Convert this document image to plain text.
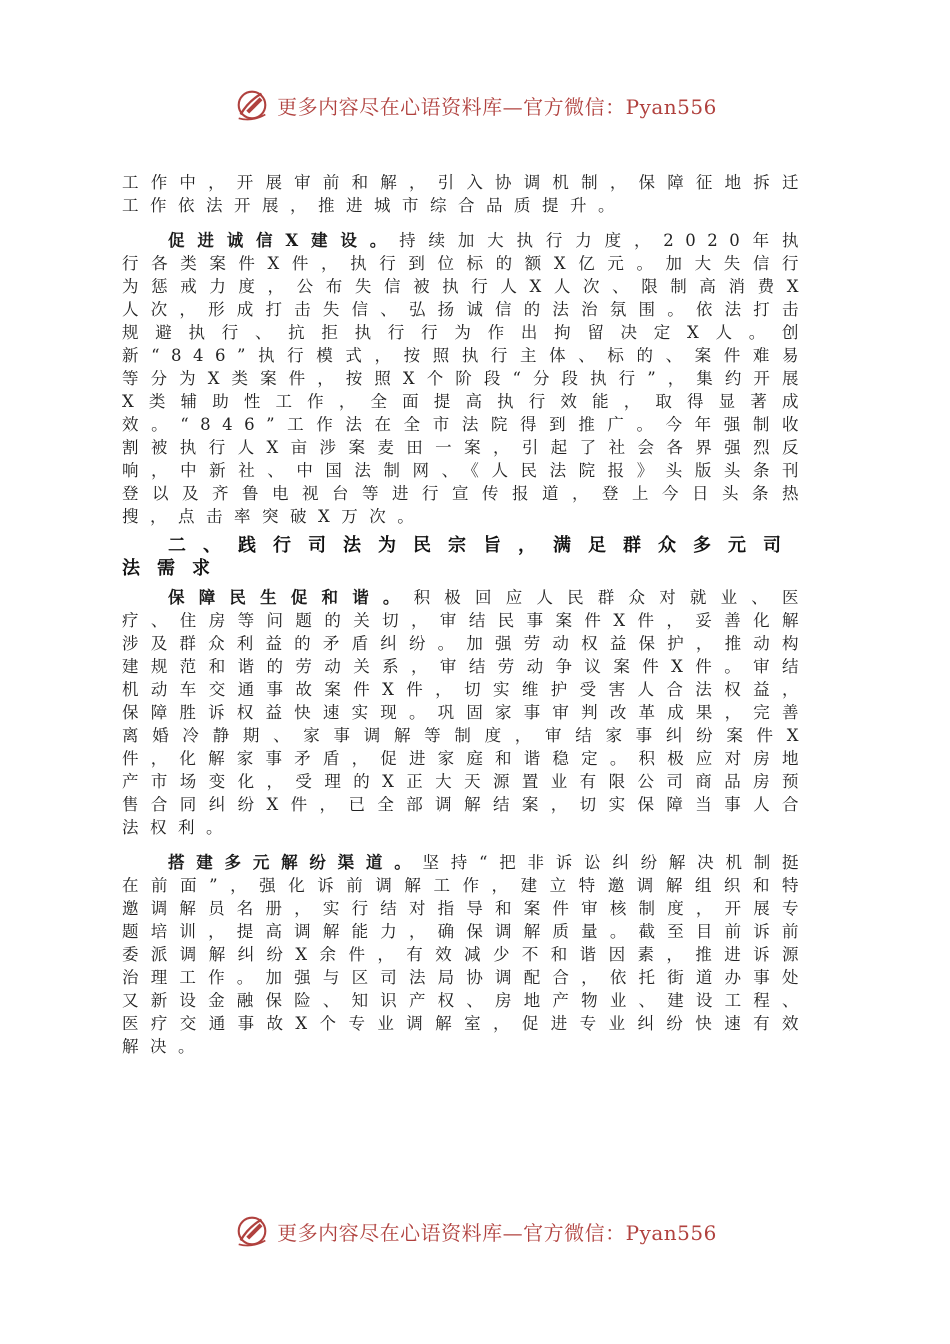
更多内容尽在心语资料库—官方微信：Pyan556

工作中，开展审前和解，引入协调机制，保障征地拆迁工作依法开展，推进城市综合品质提升。

促进诚信X建设。持续加大执行力度，2020年执行各类案件X件，执行到位标的额X亿元。加大失信行为惩戒力度，公布失信被执行人X人次、限制高消费X人次，形成打击失信、弘扬诚信的法治氛围。依法打击规避执行、抗拒执行行为作出拘留决定X人。创新“846”执行模式，按照执行主体、标的、案件难易等分为X类案件，按照X个阶段“分段执行”，集约开展X类辅助性工作，全面提高执行效能，取得显著成效。“846”工作法在全市法院得到推广。今年强制收割被执行人X亩涉案麦田一案，引起了社会各界强烈反响，中新社、中国法制网、《人民法院报》头版头条刊登以及齐鲁电视台等进行宣传报道，登上今日头条热搜，点击率突破X万次。

二、践行司法为民宗旨，满足群众多元司法需求

保障民生促和谐。积极回应人民群众对就业、医疗、住房等问题的关切，审结民事案件X件，妥善化解涉及群众利益的矛盾纠纷。加强劳动权益保护，推动构建规范和谐的劳动关系，审结劳动争议案件X件。审结机动车交通事故案件X件，切实维护受害人合法权益，保障胜诉权益快速实现。巩固家事审判改革成果，完善离婚冷静期、家事调解等制度，审结家事纠纷案件X件，化解家事矛盾，促进家庭和谐稳定。积极应对房地产市场变化，受理的X正大天源置业有限公司商品房预售合同纠纷X件，已全部调解结案，切实保障当事人合法权利。

搭建多元解纷渠道。坚持“把非诉讼纠纷解决机制挺在前面”，强化诉前调解工作，建立特邀调解组织和特邀调解员名册，实行结对指导和案件审核制度，开展专题培训，提高调解能力，确保调解质量。截至目前诉前委派调解纠纷X余件，有效减少不和谐因素，推进诉源治理工作。加强与区司法局协调配合，依托街道办事处又新设金融保险、知识产权、房地产物业、建设工程、医疗交通事故X个专业调解室，促进专业纠纷快速有效解决。

更多内容尽在心语资料库—官方微信：Pyan556
